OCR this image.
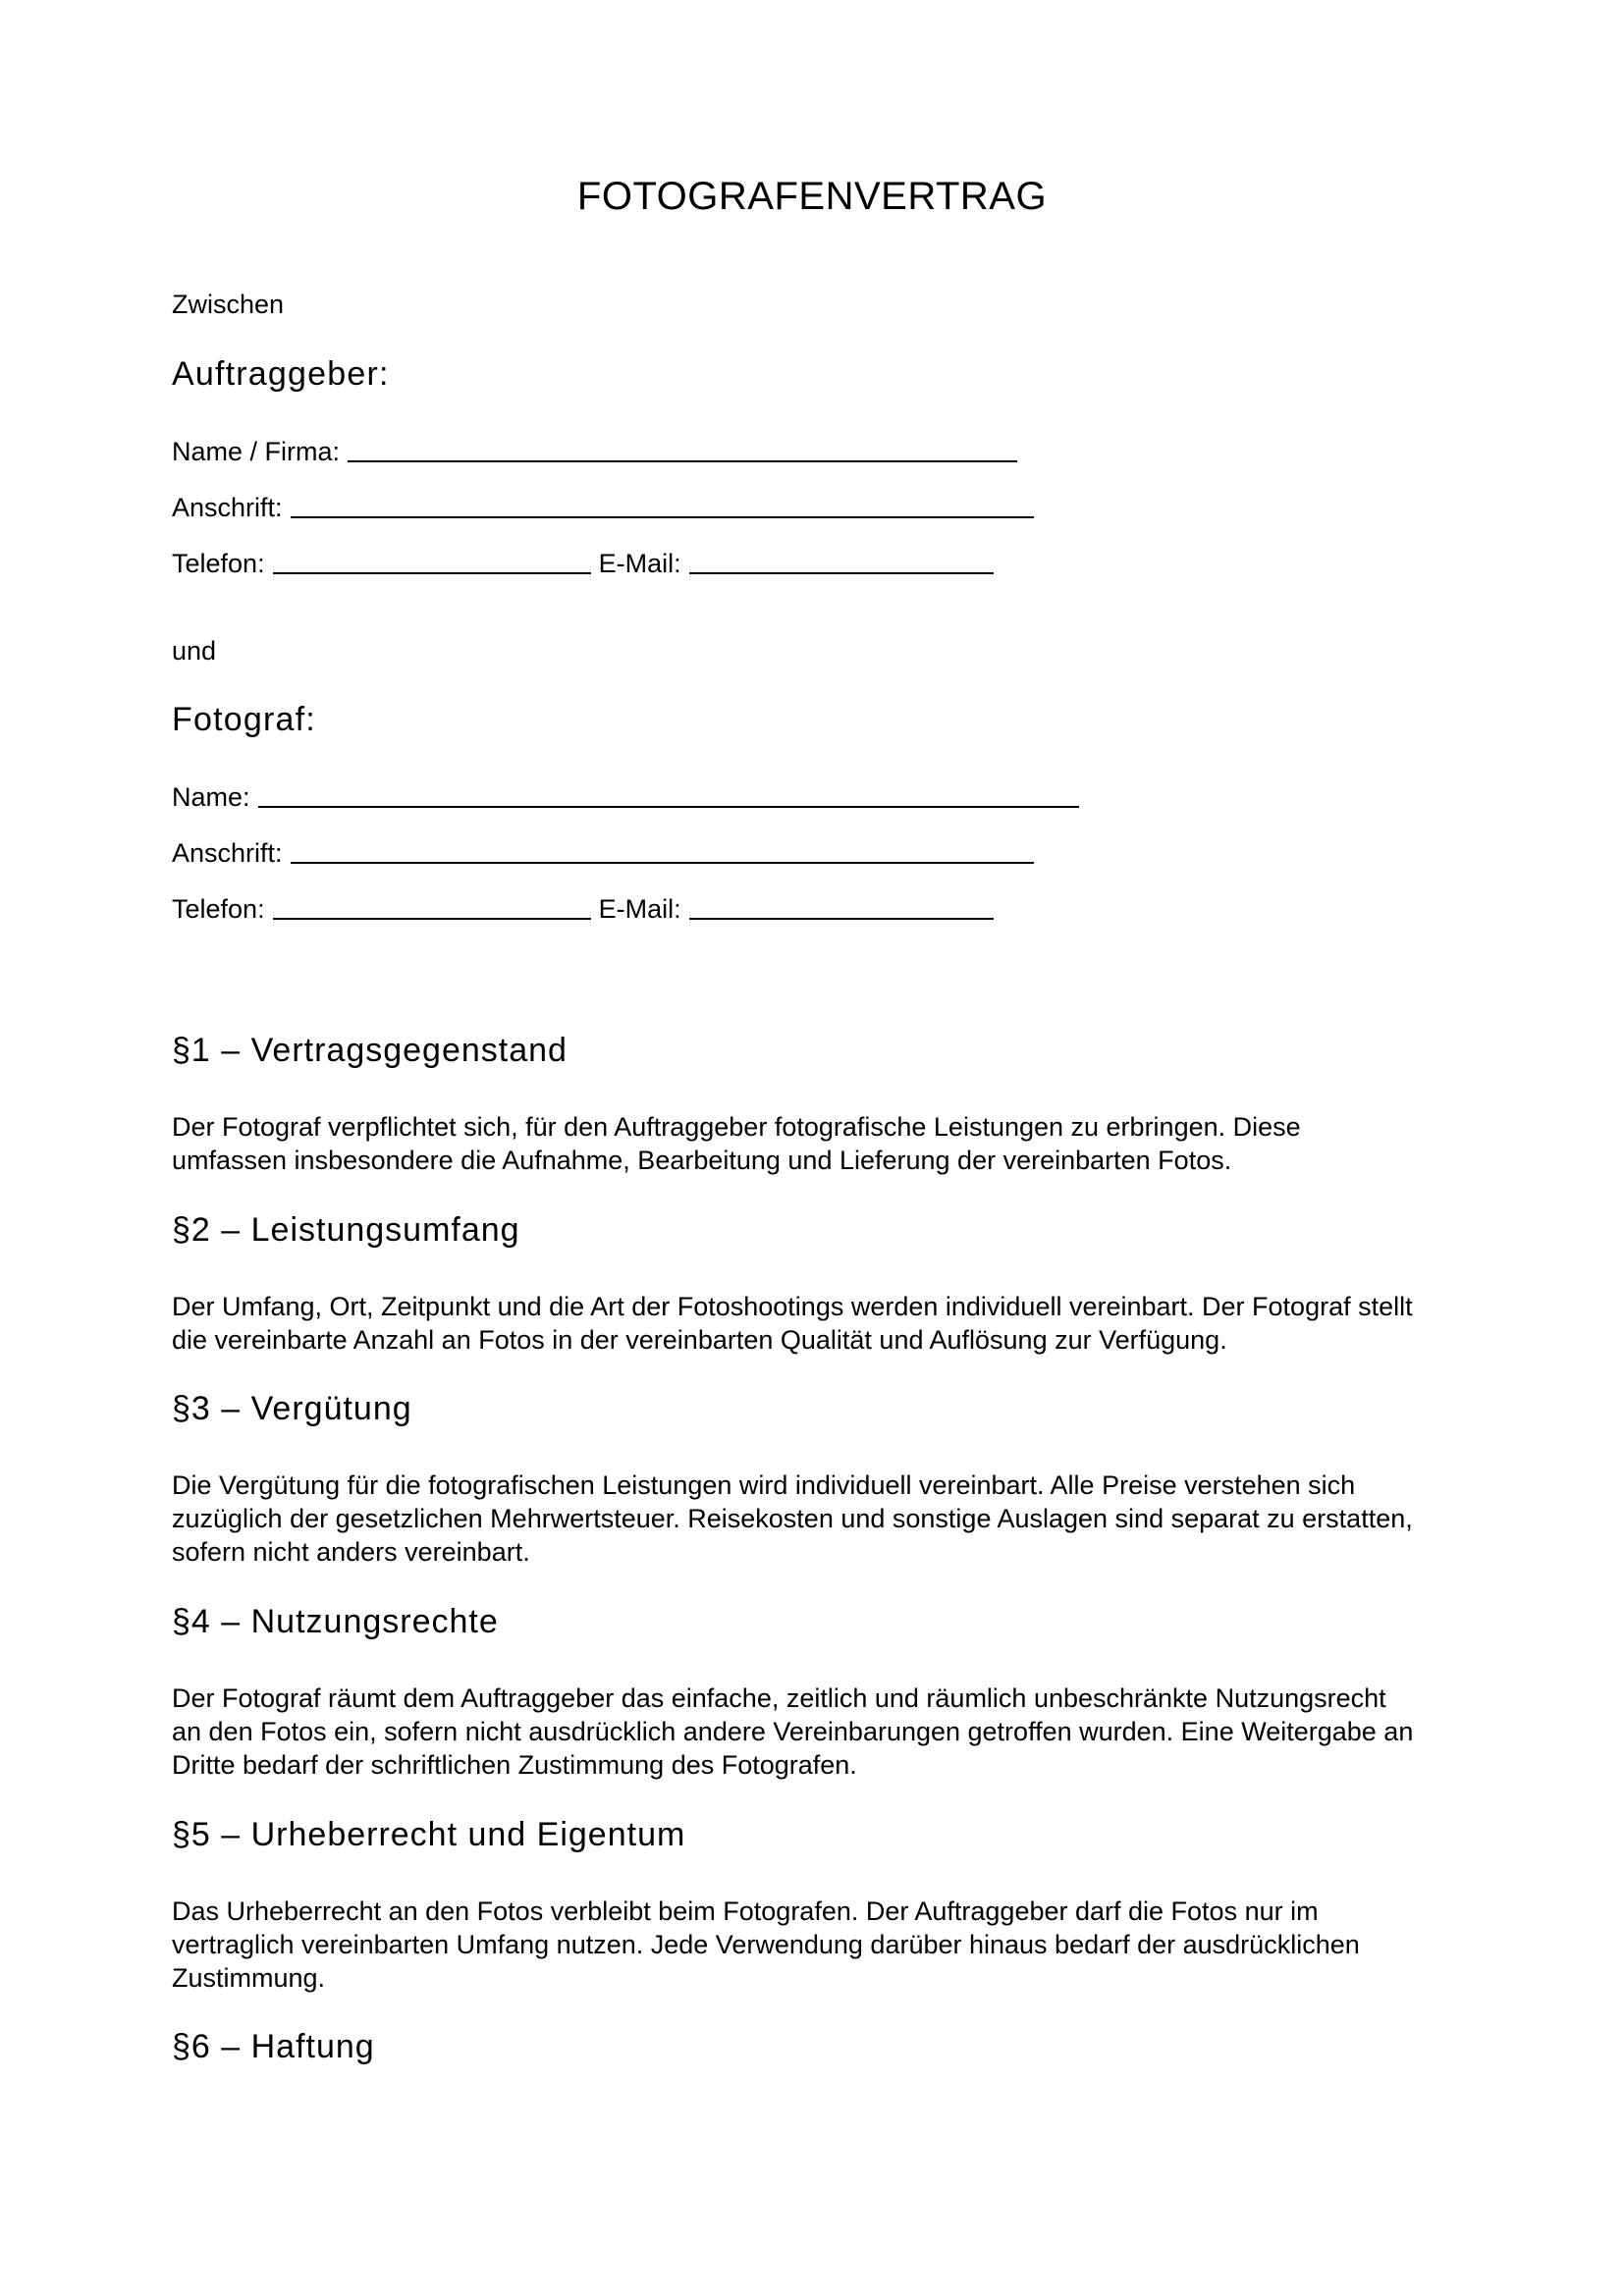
FOTOGRAFENVERTRAG
Zwischen
Auftraggeber:
Name / Firma:
Anschrift:
Telefon:	E-Mail:
und
Fotograf:
Name:
Anschrift:
Telefon:	E-Mail:
§1 – Vertragsgegenstand
Der Fotograf verpflichtet sich, für den Auftraggeber fotografische Leistungen zu erbringen. Diese
umfassen insbesondere die Aufnahme, Bearbeitung und Lieferung der vereinbarten Fotos.
§2 – Leistungsumfang
Der Umfang, Ort, Zeitpunkt und die Art der Fotoshootings werden individuell vereinbart. Der Fotograf stellt
die vereinbarte Anzahl an Fotos in der vereinbarten Qualität und Auflösung zur Verfügung.
§3 – Vergütung
Die Vergütung für die fotografischen Leistungen wird individuell vereinbart. Alle Preise verstehen sich
zuzüglich der gesetzlichen Mehrwertsteuer. Reisekosten und sonstige Auslagen sind separat zu erstatten,
sofern nicht anders vereinbart.
§4 – Nutzungsrechte
Der Fotograf räumt dem Auftraggeber das einfache, zeitlich und räumlich unbeschränkte Nutzungsrecht
an den Fotos ein, sofern nicht ausdrücklich andere Vereinbarungen getroffen wurden. Eine Weitergabe an
Dritte bedarf der schriftlichen Zustimmung des Fotografen.
§5 – Urheberrecht und Eigentum
Das Urheberrecht an den Fotos verbleibt beim Fotografen. Der Auftraggeber darf die Fotos nur im
vertraglich vereinbarten Umfang nutzen. Jede Verwendung darüber hinaus bedarf der ausdrücklichen
Zustimmung.
§6 – Haftung
